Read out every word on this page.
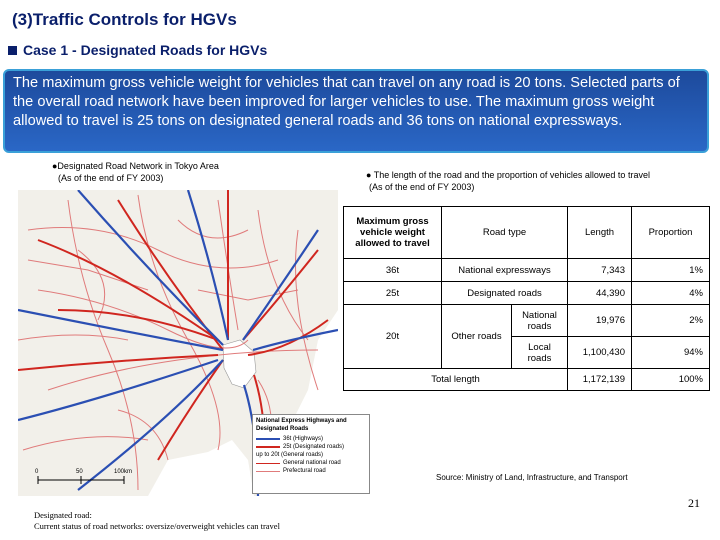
(3)Traffic Controls for HGVs
Case 1 - Designated Roads for HGVs
The maximum gross vehicle weight for vehicles that can travel on any road is 20 tons. Selected parts of the overall road network have been improved for larger vehicles to use. The maximum gross weight allowed to travel is 25 tons on designated general roads and 36 tons on national expressways.
●Designated Road Network in Tokyo Area
(As of the end of FY 2003)	● The length of the road and the proportion of vehicles allowed to travel
(As of the end of FY 2003)
0	50	100km
National Express Highways and Designated Roads
36t (Highways)
25t (Designated roads)
up to 20t (General roads)
General national road
Prefectural road
Maximum gross vehicle weight allowed to travel	Road type		Length	Proportion
36t	National expressways		7,343	1%
25t	Designated roads		44,390	4%
20t	Other roads	National roads	19,976	2%
		Local roads	1,100,430	94%
Total length			1,172,139	100%
Source: Ministry of Land, Infrastructure, and Transport
21
Designated road:
Current status of road networks: oversize/overweight vehicles can travel
